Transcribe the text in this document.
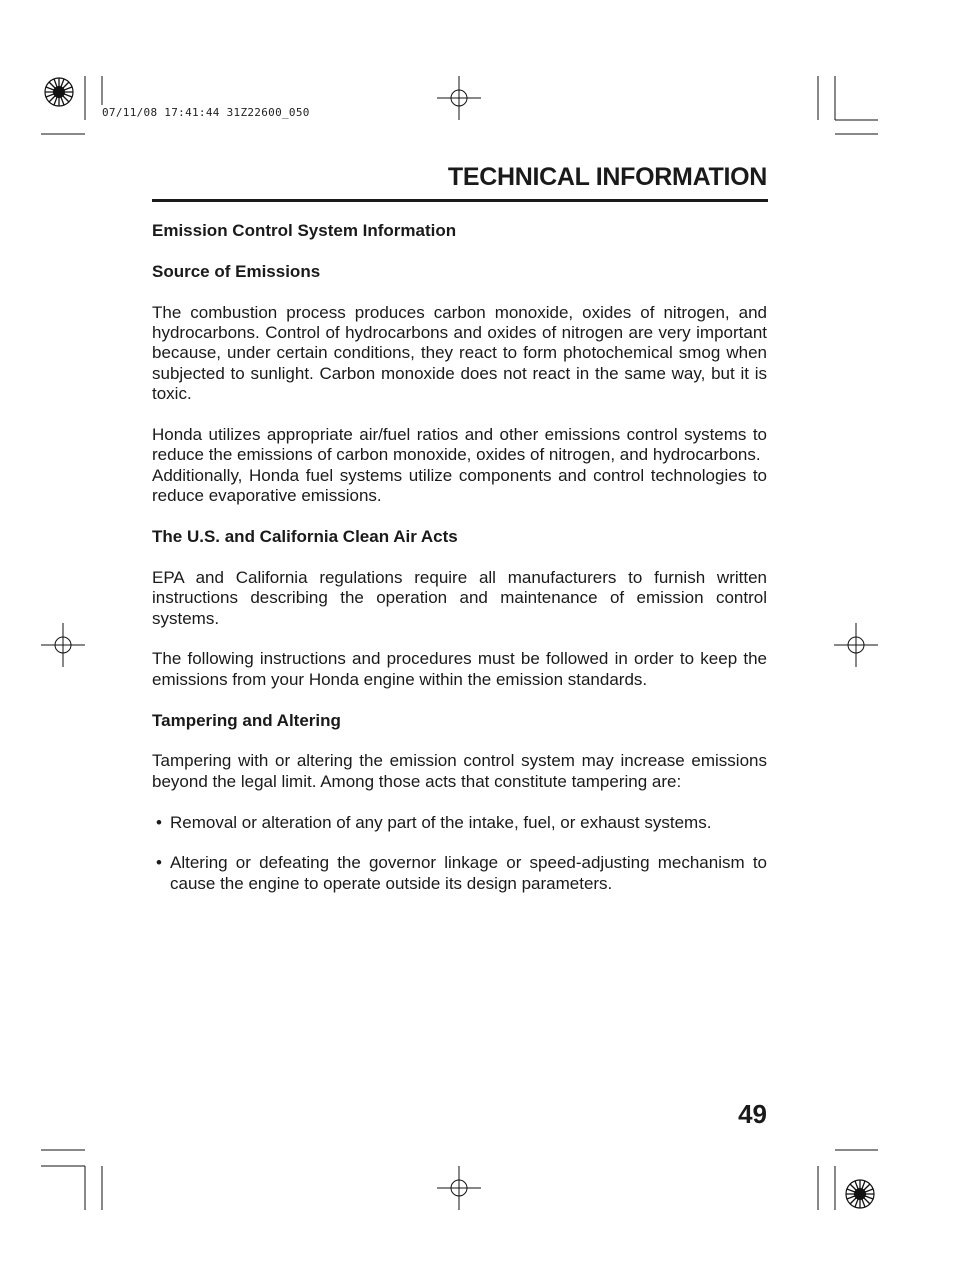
07/11/08 17:41:44 31Z22600_050
TECHNICAL INFORMATION
Emission Control System Information
Source of Emissions

The combustion process produces carbon monoxide, oxides of nitrogen, and hydrocarbons. Control of hydrocarbons and oxides of nitrogen are very important because, under certain conditions, they react to form photochemical smog when subjected to sunlight. Carbon monoxide does not react in the same way, but it is toxic.

Honda utilizes appropriate air/fuel ratios and other emissions control systems to reduce the emissions of carbon monoxide, oxides of nitrogen, and hydrocarbons.

Additionally, Honda fuel systems utilize components and control technologies to reduce evaporative emissions.

The U.S. and California Clean Air Acts

EPA and California regulations require all manufacturers to furnish written instructions describing the operation and maintenance of emission control systems.

The following instructions and procedures must be followed in order to keep the emissions from your Honda engine within the emission standards.

Tampering and Altering

Tampering with or altering the emission control system may increase emissions beyond the legal limit. Among those acts that constitute tampering are:

• Removal or alteration of any part of the intake, fuel, or exhaust systems.
• Altering or defeating the governor linkage or speed-adjusting mechanism to cause the engine to operate outside its design parameters.
49
